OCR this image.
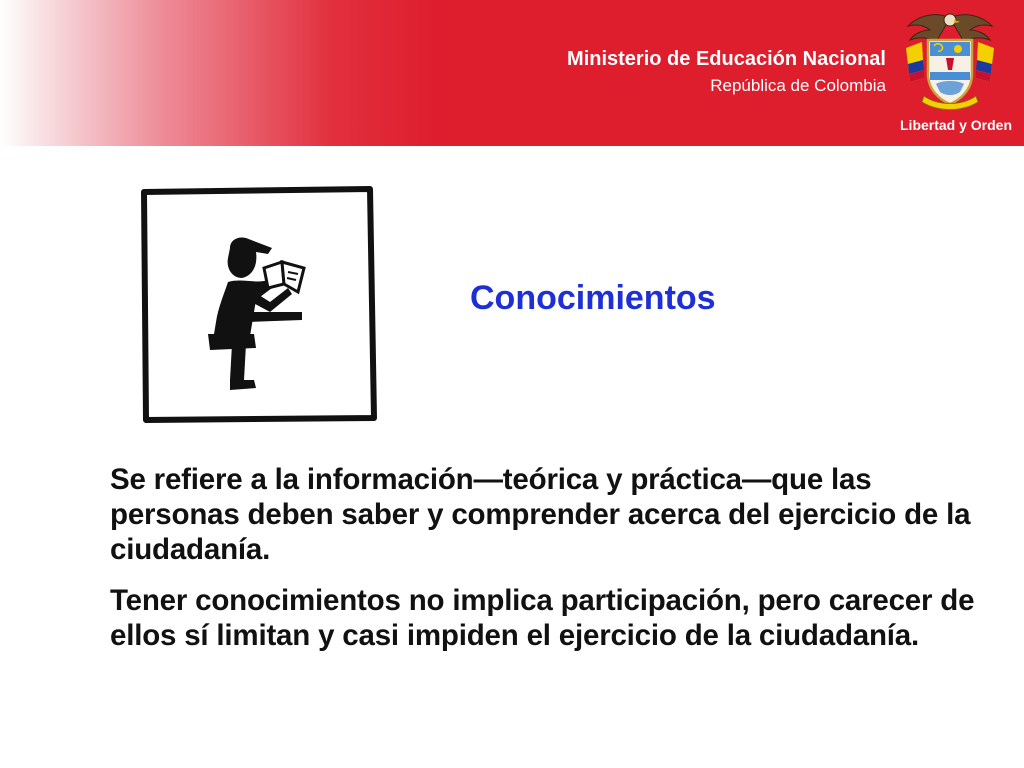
Ministerio de Educación Nacional
República de Colombia
Libertad y Orden
Conocimientos
Se refiere a la información—teórica y práctica—que las personas deben saber y comprender acerca del ejercicio de la ciudadanía.
Tener conocimientos no implica participación, pero carecer de ellos sí limitan y casi impiden el ejercicio de la ciudadanía.
